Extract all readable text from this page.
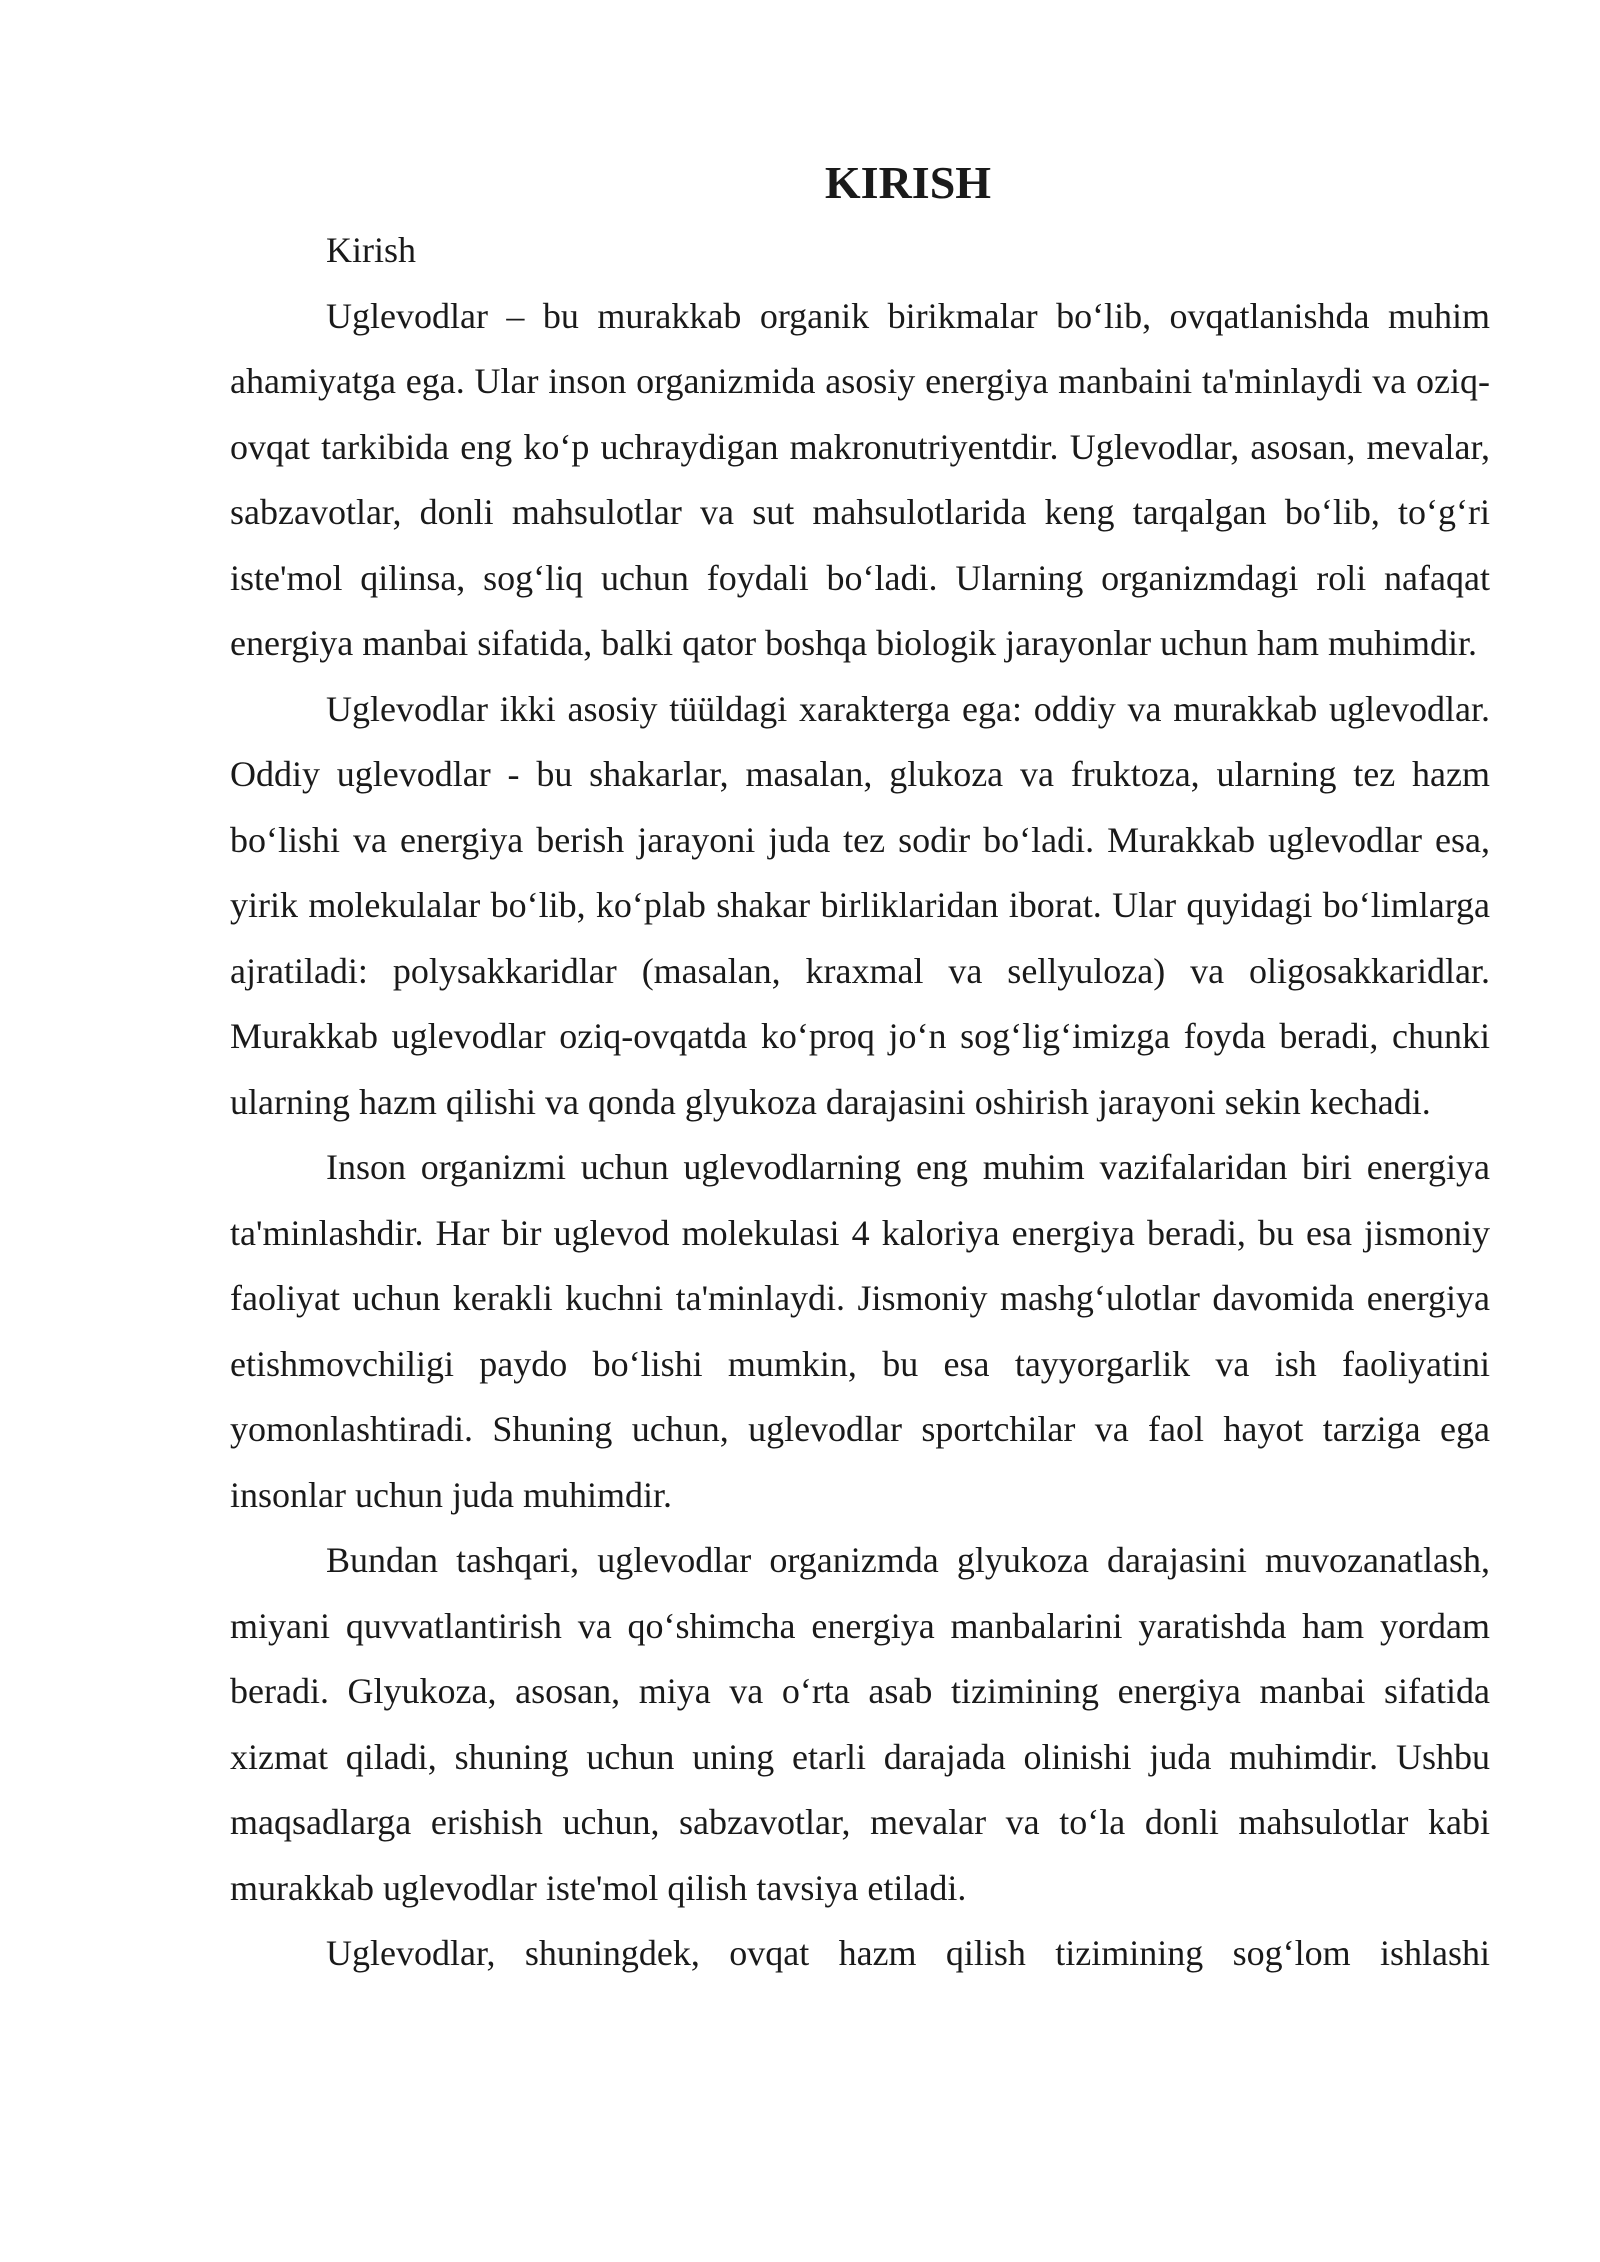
KIRISH

Kirish

Uglevodlar – bu murakkab organik birikmalar bo‘lib, ovqatlanishda muhim ahamiyatga ega. Ular inson organizmida asosiy energiya manbaini ta'minlaydi va oziq-ovqat tarkibida eng ko‘p uchraydigan makronutriyentdir. Uglevodlar, asosan, mevalar, sabzavotlar, donli mahsulotlar va sut mahsulotlarida keng tarqalgan bo‘lib, to‘g‘ri iste'mol qilinsa, sog‘liq uchun foydali bo‘ladi. Ularning organizmdagi roli nafaqat energiya manbai sifatida, balki qator boshqa biologik jarayonlar uchun ham muhimdir.

Uglevodlar ikki asosiy tüüldagi xarakterga ega: oddiy va murakkab uglevodlar. Oddiy uglevodlar - bu shakarlar, masalan, glukoza va fruktoza, ularning tez hazm bo‘lishi va energiya berish jarayoni juda tez sodir bo‘ladi. Murakkab uglevodlar esa, yirik molekulalar bo‘lib, ko‘plab shakar birliklaridan iborat. Ular quyidagi bo‘limlarga ajratiladi: polysakkaridlar (masalan, kraxmal va sellyuloza) va oligosakkaridlar. Murakkab uglevodlar oziq-ovqatda ko‘proq jo‘n sog‘lig‘imizga foyda beradi, chunki ularning hazm qilishi va qonda glyukoza darajasini oshirish jarayoni sekin kechadi.

Inson organizmi uchun uglevodlarning eng muhim vazifalaridan biri energiya ta'minlashdir. Har bir uglevod molekulasi 4 kaloriya energiya beradi, bu esa jismoniy faoliyat uchun kerakli kuchni ta'minlaydi. Jismoniy mashg‘ulotlar davomida energiya etishmovchiligi paydo bo‘lishi mumkin, bu esa tayyorgarlik va ish faoliyatini yomonlashtiradi. Shuning uchun, uglevodlar sportchilar va faol hayot tarziga ega insonlar uchun juda muhimdir.

Bundan tashqari, uglevodlar organizmda glyukoza darajasini muvozanatlash, miyani quvvatlantirish va qo‘shimcha energiya manbalarini yaratishda ham yordam beradi. Glyukoza, asosan, miya va o‘rta asab tizimining energiya manbai sifatida xizmat qiladi, shuning uchun uning etarli darajada olinishi juda muhimdir. Ushbu maqsadlarga erishish uchun, sabzavotlar, mevalar va to‘la donli mahsulotlar kabi murakkab uglevodlar iste'mol qilish tavsiya etiladi.

Uglevodlar, shuningdek, ovqat hazm qilish tizimining sog‘lom ishlashi
